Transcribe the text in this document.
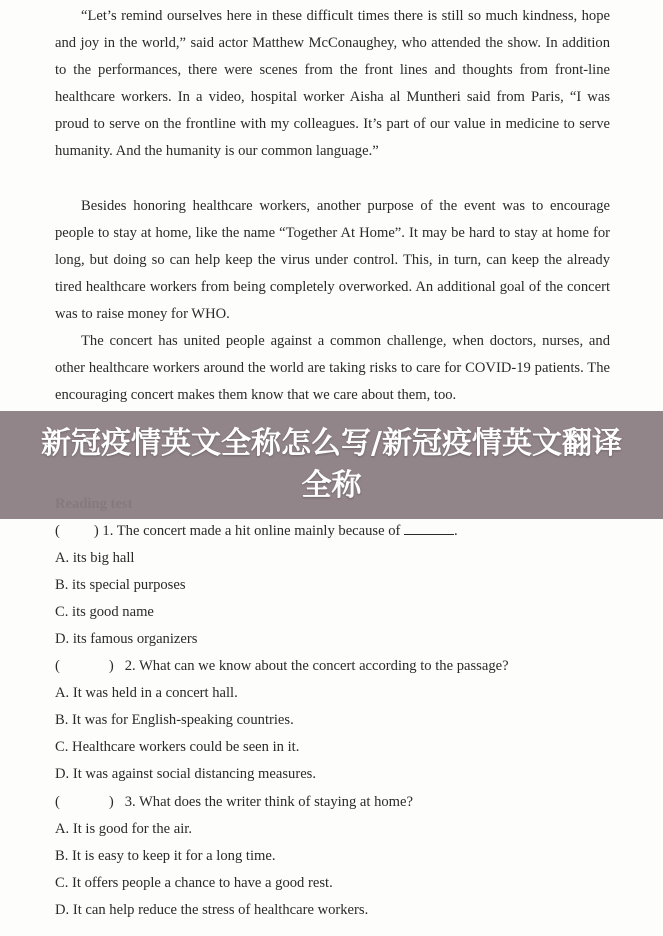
“Let’s remind ourselves here in these difficult times there is still so much kindness, hope and joy in the world,” said actor Matthew McConaughey, who attended the show. In addition to the performances, there were scenes from the front lines and thoughts from front-line healthcare workers. In a video, hospital worker Aisha al Muntheri said from Paris, “I was proud to serve on the frontline with my colleagues. It’s part of our value in medicine to serve humanity. And the humanity is our common language.”

Besides honoring healthcare workers, another purpose of the event was to encourage people to stay at home, like the name “Together At Home”. It may be hard to stay at home for long, but doing so can help keep the virus under control. This, in turn, can keep the already tired healthcare workers from being completely overworked. An additional goal of the concert was to raise money for WHO.

The concert has united people against a common challenge, when doctors, nurses, and other healthcare workers around the world are taking risks to care for COVID-19 patients. The encouraging concert makes them know that we care about them, too.

( ) 1. The concert made a hit online mainly because of	.

A. its big hall

B. its special purposes

C. its good name

D. its famous organizers

(	) 2. What can we know about the concert according to the passage?

A. It was held in a concert hall.

B. It was for English-speaking countries.

C. Healthcare workers could be seen in it.

D. It was against social distancing measures.

(	) 3. What does the writer think of staying at home?

A. It is good for the air.

B. It is easy to keep it for a long time.

C. It offers people a chance to have a good rest.

D. It can help reduce the stress of healthcare workers.

新冠疫情英文全称怎么写/新冠疫情英文翻译全称
